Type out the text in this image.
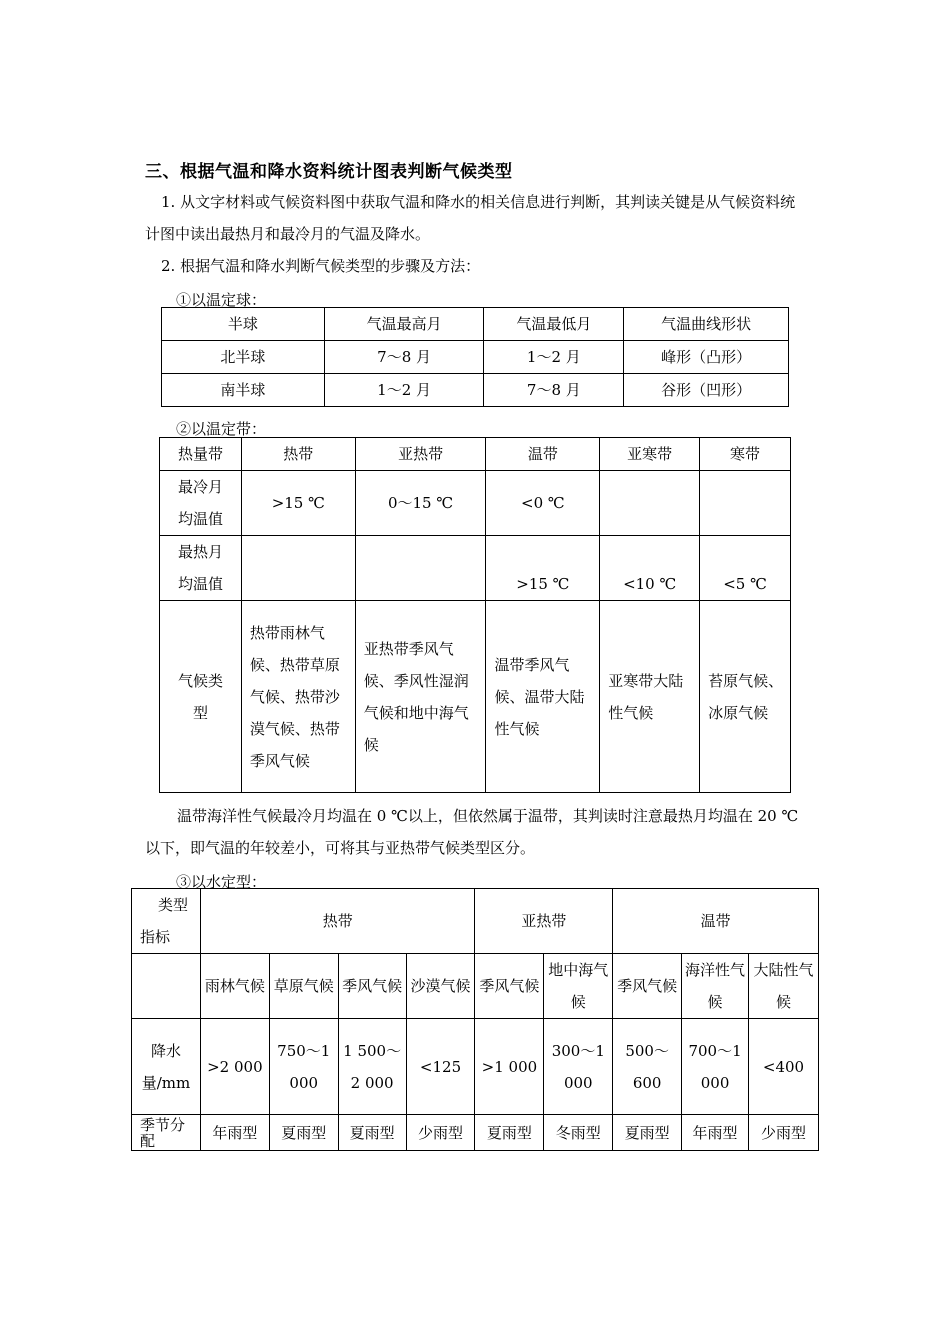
三、根据气温和降水资料统计图表判断气候类型
1. 从文字材料或气候资料图中获取气温和降水的相关信息进行判断，其判读关键是从气候资料统计图中读出最热月和最冷月的气温及降水。
2. 根据气温和降水判断气候类型的步骤及方法：
①以温定球：
半球	气温最高月	气温最低月	气温曲线形状
北半球	7～8 月	1～2 月	峰形（凸形）
南半球	1～2 月	7～8 月	谷形（凹形）
②以温定带：
热量带	热带	亚热带	温带	亚寒带	寒带
最冷月均温值	>15 ℃	0～15 ℃	<0 ℃		
最热月均温值			>15 ℃	<10 ℃	<5 ℃
气候类型	热带雨林气候、热带草原气候、热带沙漠气候、热带季风气候	亚热带季风气候、季风性湿润气候和地中海气候	温带季风气候、温带大陆性气候	亚寒带大陆性气候	苔原气候、冰原气候
温带海洋性气候最冷月均温在 0 ℃以上，但依然属于温带，其判读时注意最热月均温在 20 ℃以下，即气温的年较差小，可将其与亚热带气候类型区分。
③以水定型：
类型
指标	热带				亚热带		温带		
	雨林气候	草原气候	季风气候	沙漠气候	季风气候	地中海气候	季风气候	海洋性气候	大陆性气候
降水量/mm	>2 000	750～1 000	1 500～2 000	<125	>1 000	300～1 000	500～600	700～1 000	<400
季节分配	年雨型	夏雨型	夏雨型	少雨型	夏雨型	冬雨型	夏雨型	年雨型	少雨型
